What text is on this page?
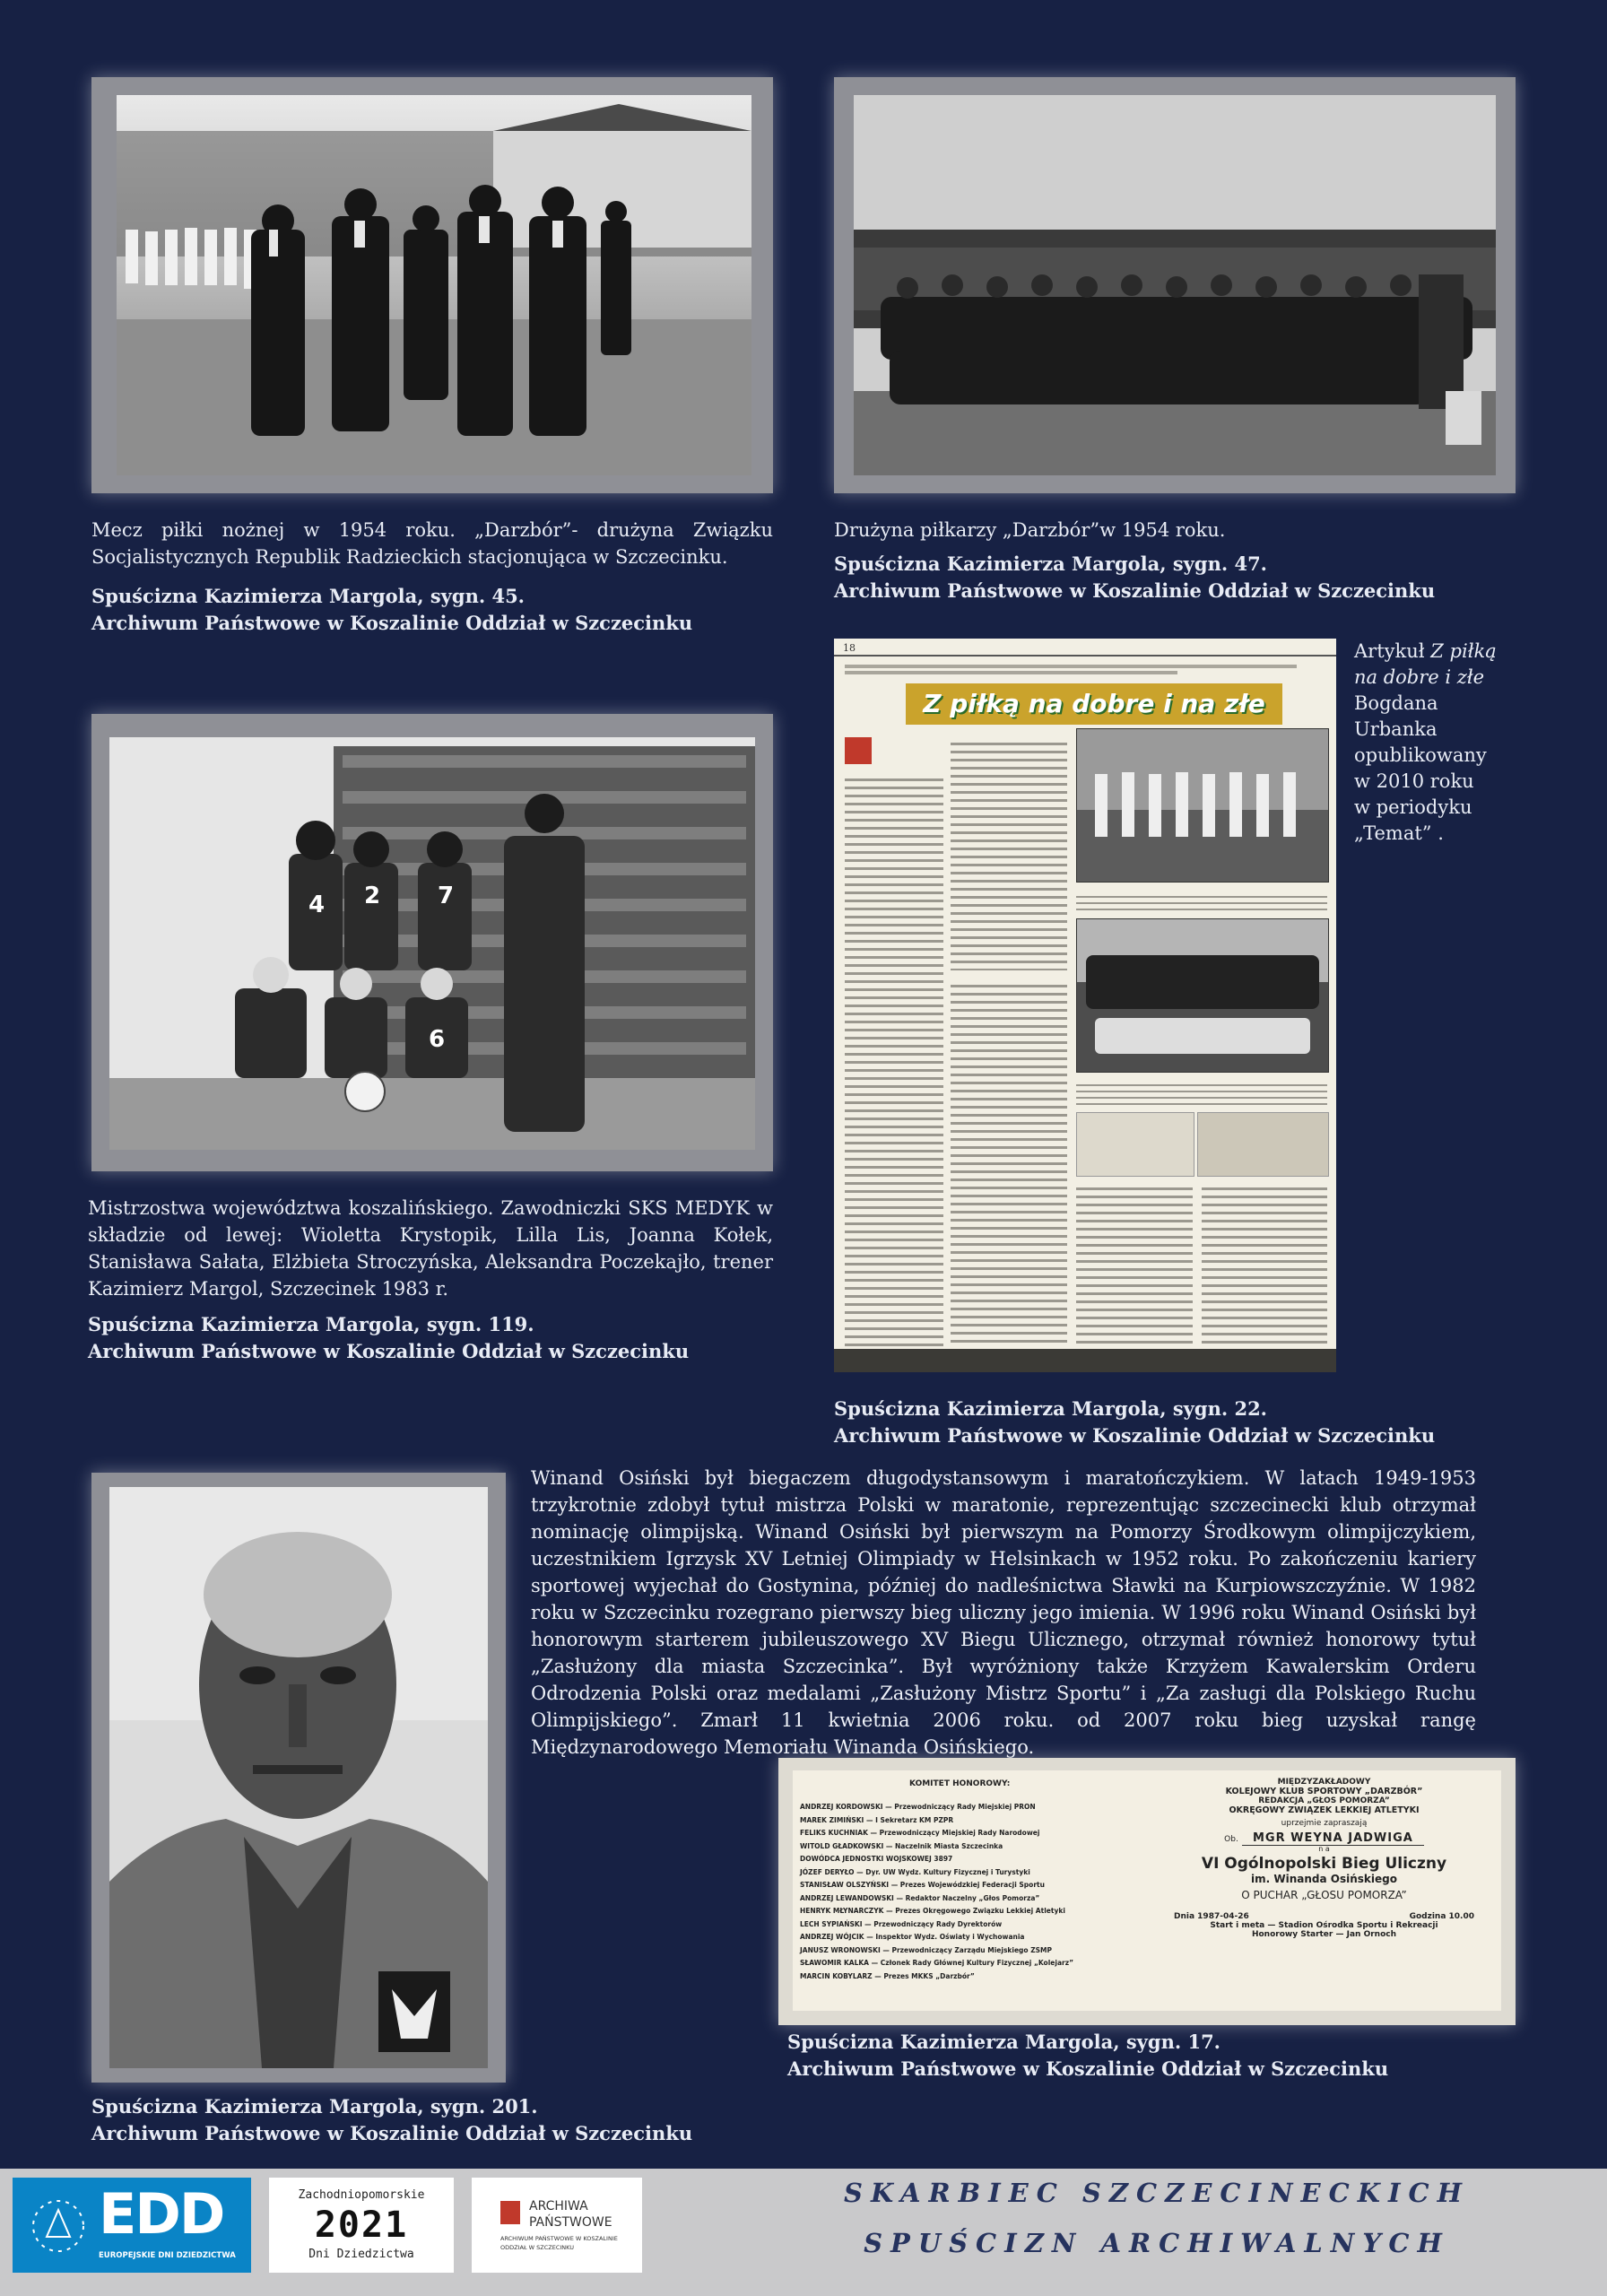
Mecz piłki nożnej w 1954 roku. „Darzbór”- drużyna Związku Socjalistycznych Republik Radzieckich stacjonująca w Szczecinku.
Spuścizna Kazimierza Margola, sygn. 45.
Archiwum Państwowe w Koszalinie Oddział w Szczecinku
Drużyna piłkarzy „Darzbór”w 1954 roku.
Spuścizna Kazimierza Margola, sygn. 47.
Archiwum Państwowe w Koszalinie Oddział w Szczecinku
18
Z piłką na dobre i na złe
Artykuł Z piłką na dobre i złe
Bogdana Urbanka
opublikowany
w 2010 roku
w periodyku
„Temat” .
Spuścizna Kazimierza Margola, sygn. 22.
Archiwum Państwowe w Koszalinie Oddział w Szczecinku
4 2 7
6
Mistrzostwa województwa koszalińskiego. Zawodniczki SKS MEDYK w składzie od lewej: Wioletta Krystopik, Lilla Lis, Joanna Kołek, Stanisława Sałata, Elżbieta Stroczyńska, Aleksandra Poczekajło, trener Kazimierz Margol, Szczecinek 1983 r.
Spuścizna Kazimierza Margola, sygn. 119.
Archiwum Państwowe w Koszalinie Oddział w Szczecinku
Winand Osiński był biegaczem długodystansowym i maratończykiem. W latach 1949-1953 trzykrotnie zdobył tytuł mistrza Polski w maratonie, reprezentując szczecinecki klub otrzymał nominację olimpijską. Winand Osiński był pierwszym na Pomorzy Środkowym olimpijczykiem, uczestnikiem Igrzysk XV Letniej Olimpiady w Helsinkach w 1952 roku. Po zakończeniu kariery sportowej wyjechał do Gostynina, później do nadleśnictwa Sławki na Kurpiowszczyźnie. W 1982 roku w Szczecinku rozegrano pierwszy bieg uliczny jego imienia. W 1996 roku Winand Osiński był honorowym starterem jubileuszowego XV Biegu Ulicznego, otrzymał również honorowy tytuł „Zasłużony dla miasta Szczecinka”. Był wyróżniony także Krzyżem Kawalerskim Orderu Odrodzenia Polski oraz medalami „Zasłużony Mistrz Sportu” i „Za zasługi dla Polskiego Ruchu Olimpijskiego”. Zmarł 11 kwietnia 2006 roku. od 2007 roku bieg uzyskał rangę Międzynarodowego Memoriału Winanda Osińskiego.
Spuścizna Kazimierza Margola, sygn. 201.
Archiwum Państwowe w Koszalinie Oddział w Szczecinku
KOMITET HONOROWY:
ANDRZEJ KORDOWSKI — Przewodniczący Rady Miejskiej PRON
MAREK ZIMIŃSKI — I Sekretarz KM PZPR
FELIKS KUCHNIAK — Przewodniczący Miejskiej Rady Narodowej
WITOLD GŁADKOWSKI — Naczelnik Miasta Szczecinka
DOWÓDCA JEDNOSTKI WOJSKOWEJ 3897
JÓZEF DERYŁO — Dyr. UW Wydz. Kultury Fizycznej i Turystyki
STANISŁAW OLSZYŃSKI — Prezes Wojewódzkiej Federacji Sportu
ANDRZEJ LEWANDOWSKI — Redaktor Naczelny „Głos Pomorza”
HENRYK MŁYNARCZYK — Prezes Okręgowego Związku Lekkiej Atletyki
LECH SYPIAŃSKI — Przewodniczący Rady Dyrektorów
ANDRZEJ WÓJCIK — Inspektor Wydz. Oświaty i Wychowania
JANUSZ WRONOWSKI — Przewodniczący Zarządu Miejskiego ZSMP
SŁAWOMIR KALKA — Członek Rady Głównej Kultury Fizycznej „Kolejarz”
MARCIN KOBYLARZ — Prezes MKKS „Darzbór”
MIĘDZYZAKŁADOWY
KOLEJOWY KLUB SPORTOWY „DARZBÓR”
REDAKCJA „GŁOS POMORZA”
OKRĘGOWY ZWIĄZEK LEKKIEJ ATLETYKI
uprzejmie zapraszają
Ob. MGR WEYNA JADWIGA
n a
VI Ogólnopolski Bieg Uliczny
im. Winanda Osińskiego
O PUCHAR „GŁOSU POMORZA”
Dnia 1987-04-26	Godzina 10.00
Start i meta — Stadion Ośrodka Sportu i Rekreacji
Honorowy Starter — Jan Ornoch
Spuścizna Kazimierza Margola, sygn. 17.
Archiwum Państwowe w Koszalinie Oddział w Szczecinku
EDD
EUROPEJSKIE DNI DZIEDZICTWA
Zachodniopomorskie
2021
Dni Dziedzictwa
ARCHIWA
PAŃSTWOWE
ARCHIWUM PAŃSTWOWE W KOSZALINIE
ODDZIAŁ W SZCZECINKU
SKARBIEC SZCZECINECKICH
SPUŚCIZN ARCHIWALNYCH
